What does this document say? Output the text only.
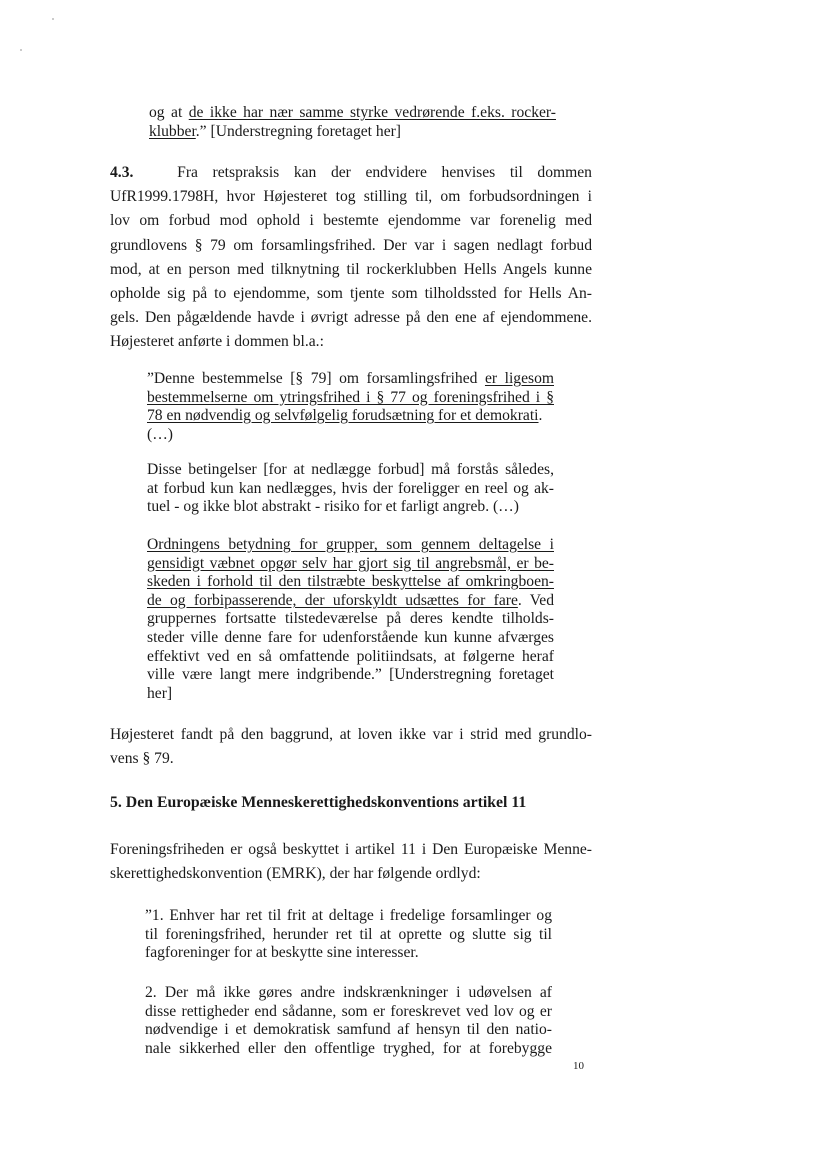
og at de ikke har nær samme styrke vedrørende f.eks. rocker-
klubber.” [Understregning foretaget her]

4.3.	Fra retspraksis kan der endvidere henvises til dommen
UfR1999.1798H, hvor Højesteret tog stilling til, om forbudsordningen i
lov om forbud mod ophold i bestemte ejendomme var forenelig med
grundlovens § 79 om forsamlingsfrihed. Der var i sagen nedlagt forbud
mod, at en person med tilknytning til rockerklubben Hells Angels kunne
opholde sig på to ejendomme, som tjente som tilholdssted for Hells An-
gels. Den pågældende havde i øvrigt adresse på den ene af ejendommene.
Højesteret anførte i dommen bl.a.:

”Denne bestemmelse [§ 79] om forsamlingsfrihed er ligesom
bestemmelserne om ytringsfrihed i § 77 og foreningsfrihed i §
78 en nødvendig og selvfølgelig forudsætning for et demokrati.
(…)

Disse betingelser [for at nedlægge forbud] må forstås således,
at forbud kun kan nedlægges, hvis der foreligger en reel og ak-
tuel - og ikke blot abstrakt - risiko for et farligt angreb. (…)

Ordningens betydning for grupper, som gennem deltagelse i
gensidigt væbnet opgør selv har gjort sig til angrebsmål, er be-
skeden i forhold til den tilstræbte beskyttelse af omkringboen-
de og forbipasserende, der uforskyldt udsættes for fare. Ved
gruppernes fortsatte tilstedeværelse på deres kendte tilholds-
steder ville denne fare for udenforstående kun kunne afværges
effektivt ved en så omfattende politiindsats, at følgerne heraf
ville være langt mere indgribende.” [Understregning foretaget
her]

Højesteret fandt på den baggrund, at loven ikke var i strid med grundlo-
vens § 79.

5. Den Europæiske Menneskerettighedskonventions artikel 11

Foreningsfriheden er også beskyttet i artikel 11 i Den Europæiske Menne-
skerettighedskonvention (EMRK), der har følgende ordlyd:

”1. Enhver har ret til frit at deltage i fredelige forsamlinger og
til foreningsfrihed, herunder ret til at oprette og slutte sig til
fagforeninger for at beskytte sine interesser.

2. Der må ikke gøres andre indskrænkninger i udøvelsen af
disse rettigheder end sådanne, som er foreskrevet ved lov og er
nødvendige i et demokratisk samfund af hensyn til den natio-
nale sikkerhed eller den offentlige tryghed, for at forebygge

10
